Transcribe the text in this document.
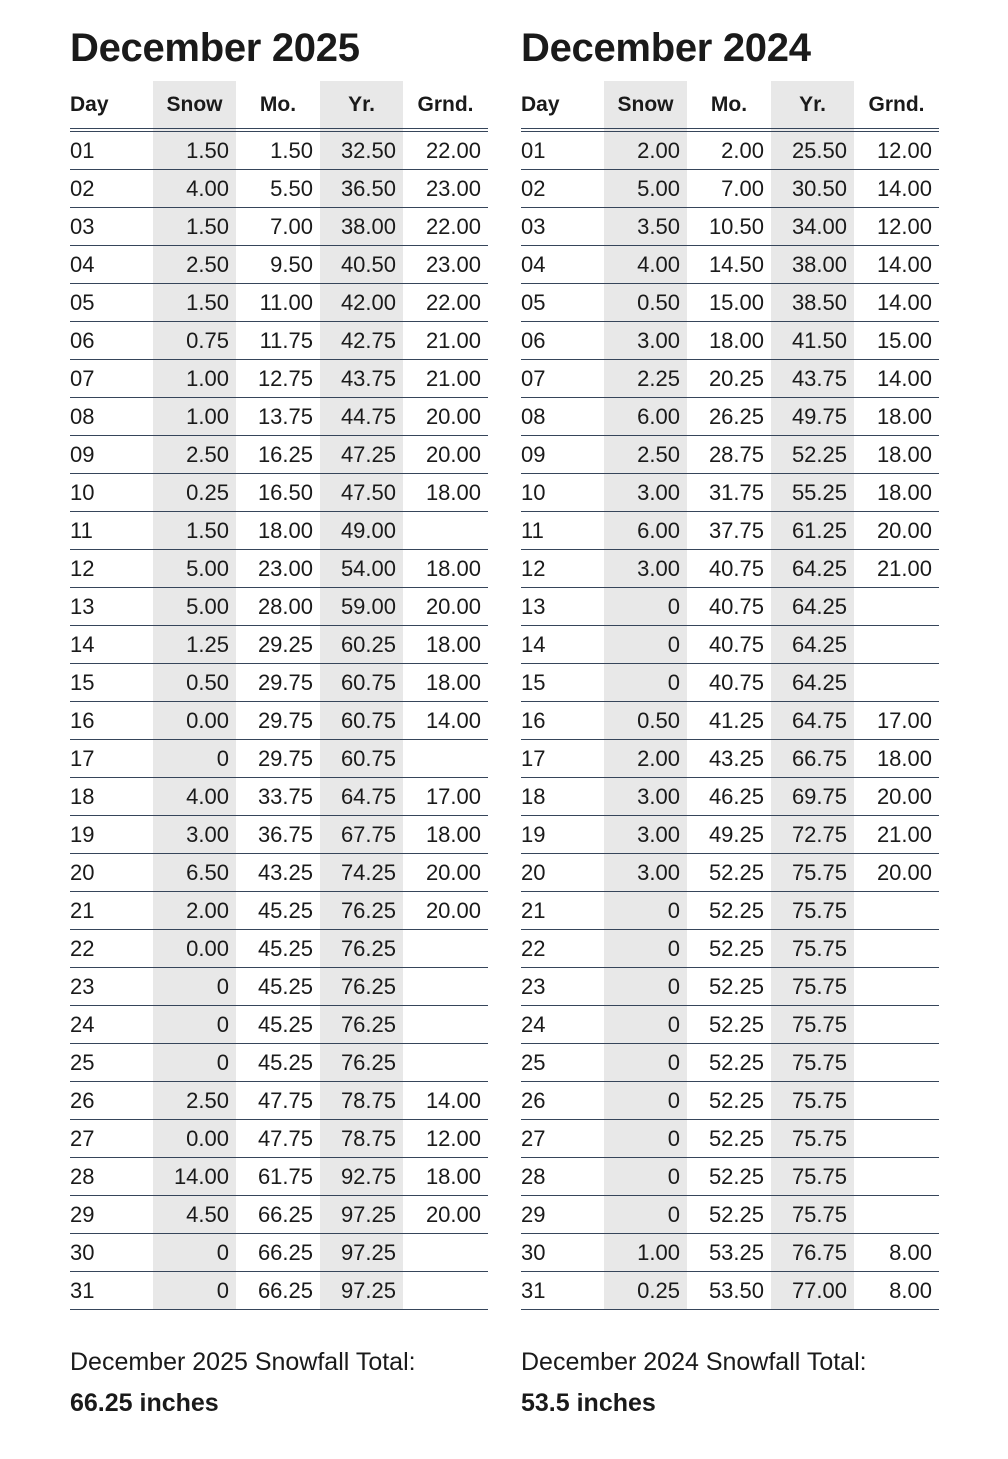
December 2025
Day	Snow	Mo.	Yr.	Grnd.
01	1.50	1.50	32.50	22.00
02	4.00	5.50	36.50	23.00
03	1.50	7.00	38.00	22.00
04	2.50	9.50	40.50	23.00
05	1.50	11.00	42.00	22.00
06	0.75	11.75	42.75	21.00
07	1.00	12.75	43.75	21.00
08	1.00	13.75	44.75	20.00
09	2.50	16.25	47.25	20.00
10	0.25	16.50	47.50	18.00
11	1.50	18.00	49.00	
12	5.00	23.00	54.00	18.00
13	5.00	28.00	59.00	20.00
14	1.25	29.25	60.25	18.00
15	0.50	29.75	60.75	18.00
16	0.00	29.75	60.75	14.00
17	0	29.75	60.75	
18	4.00	33.75	64.75	17.00
19	3.00	36.75	67.75	18.00
20	6.50	43.25	74.25	20.00
21	2.00	45.25	76.25	20.00
22	0.00	45.25	76.25	
23	0	45.25	76.25	
24	0	45.25	76.25	
25	0	45.25	76.25	
26	2.50	47.75	78.75	14.00
27	0.00	47.75	78.75	12.00
28	14.00	61.75	92.75	18.00
29	4.50	66.25	97.25	20.00
30	0	66.25	97.25	
31	0	66.25	97.25	
December 2024
Day	Snow	Mo.	Yr.	Grnd.
01	2.00	2.00	25.50	12.00
02	5.00	7.00	30.50	14.00
03	3.50	10.50	34.00	12.00
04	4.00	14.50	38.00	14.00
05	0.50	15.00	38.50	14.00
06	3.00	18.00	41.50	15.00
07	2.25	20.25	43.75	14.00
08	6.00	26.25	49.75	18.00
09	2.50	28.75	52.25	18.00
10	3.00	31.75	55.25	18.00
11	6.00	37.75	61.25	20.00
12	3.00	40.75	64.25	21.00
13	0	40.75	64.25	
14	0	40.75	64.25	
15	0	40.75	64.25	
16	0.50	41.25	64.75	17.00
17	2.00	43.25	66.75	18.00
18	3.00	46.25	69.75	20.00
19	3.00	49.25	72.75	21.00
20	3.00	52.25	75.75	20.00
21	0	52.25	75.75	
22	0	52.25	75.75	
23	0	52.25	75.75	
24	0	52.25	75.75	
25	0	52.25	75.75	
26	0	52.25	75.75	
27	0	52.25	75.75	
28	0	52.25	75.75	
29	0	52.25	75.75	
30	1.00	53.25	76.75	8.00
31	0.25	53.50	77.00	8.00
December 2025 Snowfall Total:
66.25 inches
December 2024 Snowfall Total:
53.5 inches
